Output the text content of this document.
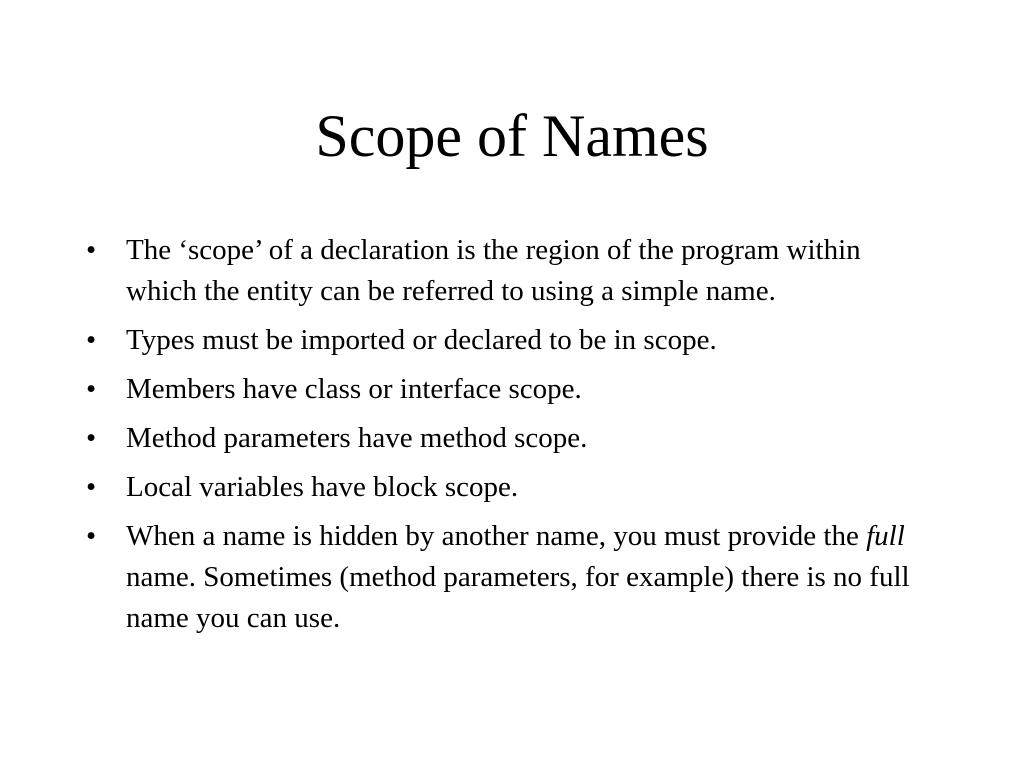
Scope of Names
• The ‘scope’ of a declaration is the region of the program within which the entity can be referred to using a simple name.
• Types must be imported or declared to be in scope.
• Members have class or interface scope.
• Method parameters have method scope.
• Local variables have block scope.
• When a name is hidden by another name, you must provide the full name. Sometimes (method parameters, for example) there is no full name you can use.
